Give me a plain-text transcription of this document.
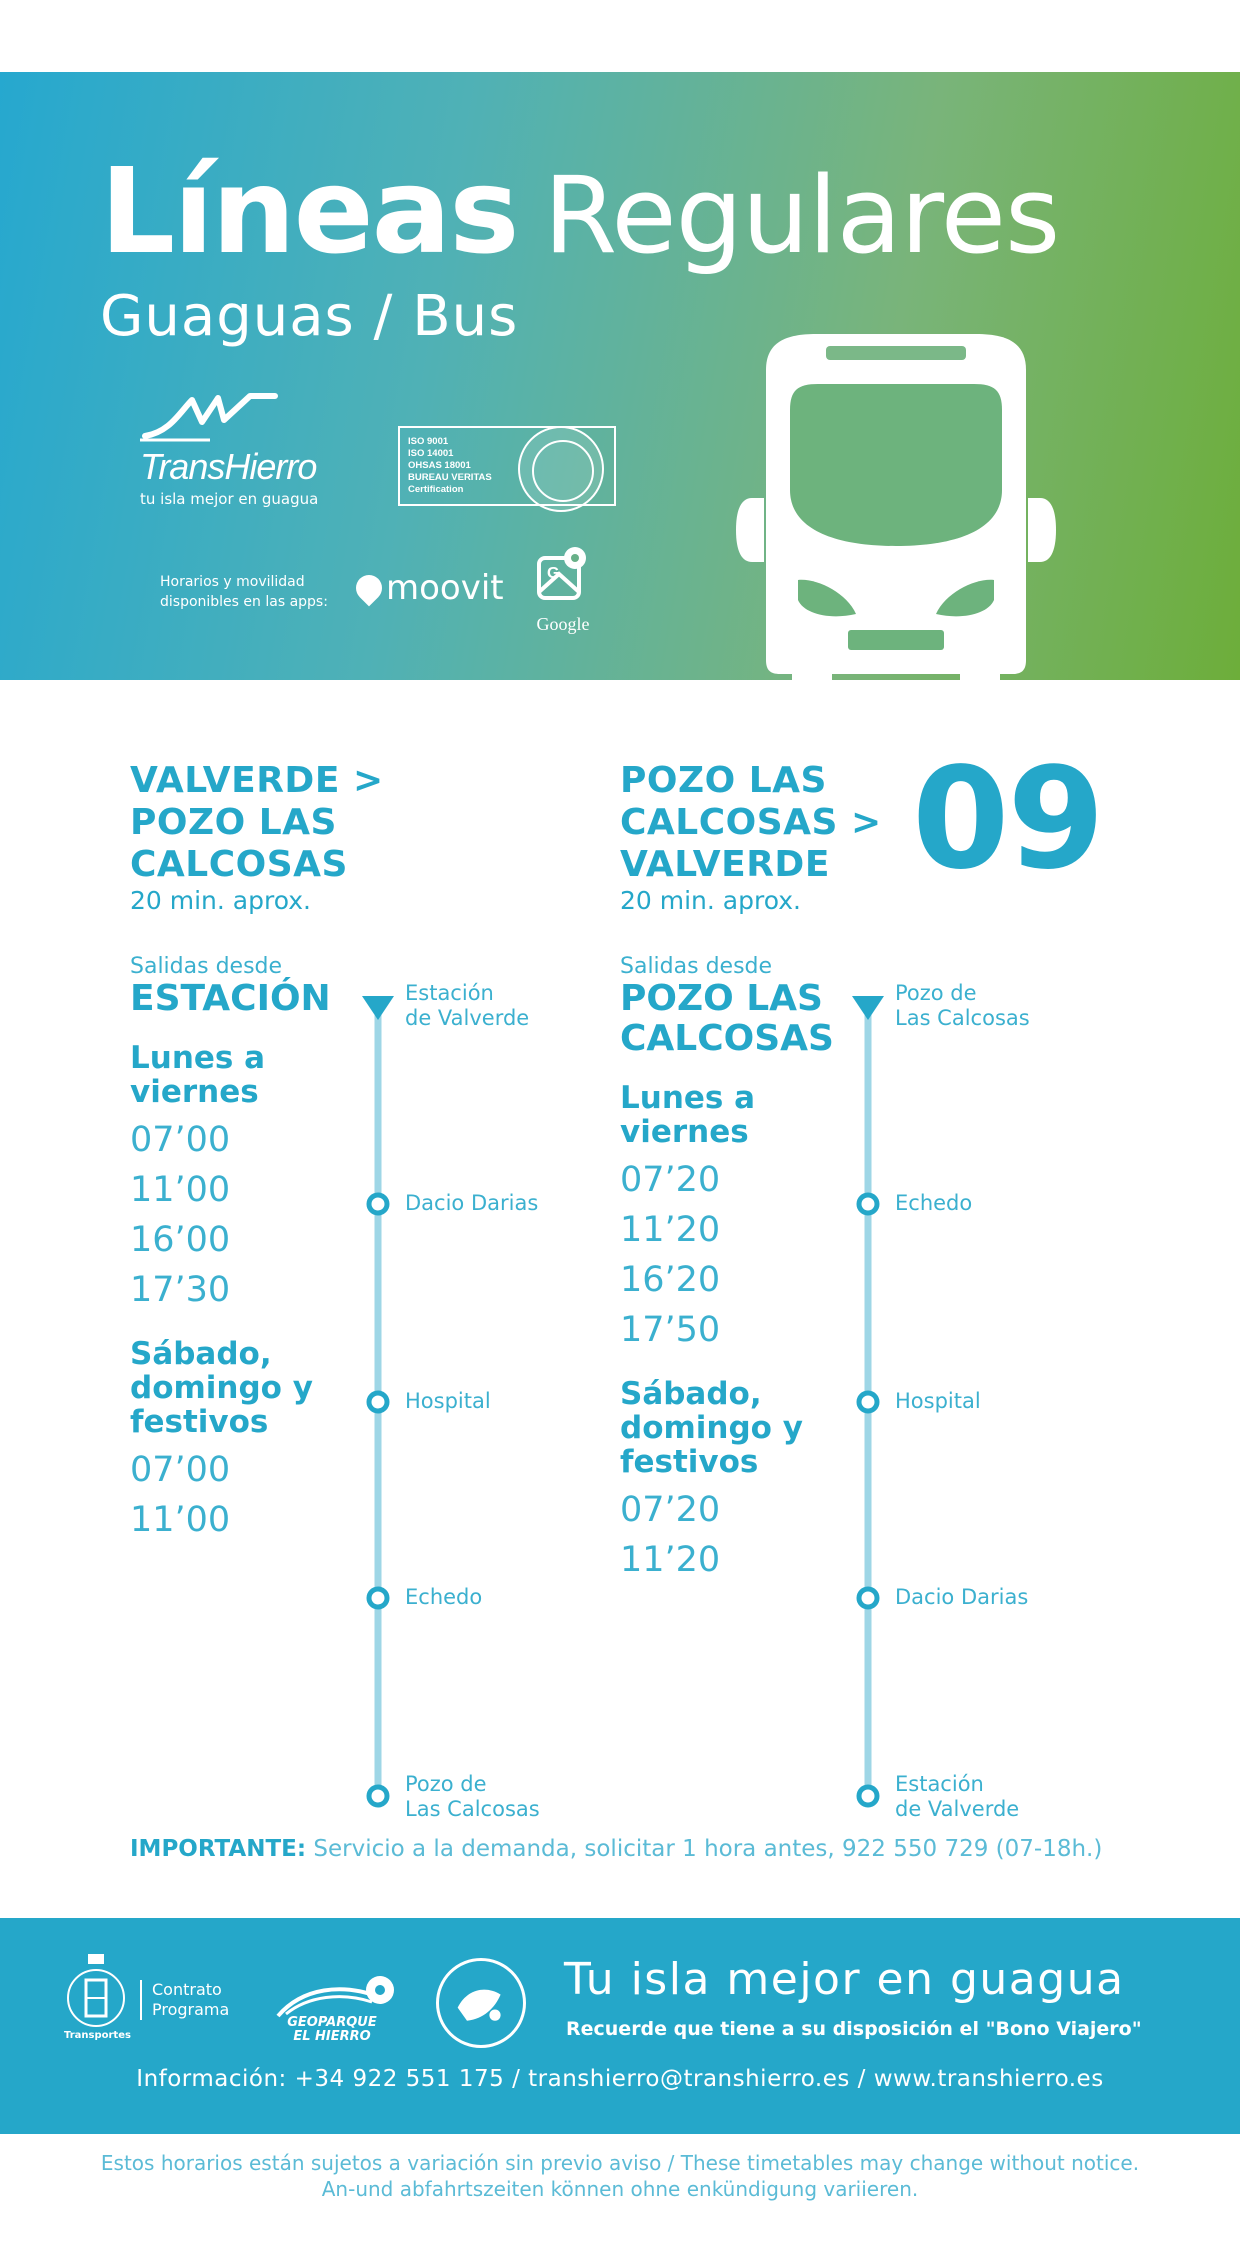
Líneas Regulares
Guaguas / Bus
TransHierro
tu isla mejor en guagua
ISO 9001
ISO 14001
OHSAS 18001
BUREAU VERITAS
Certification
Horarios y movilidad
disponibles en las apps: moovit	G
Google
09
VALVERDE >
POZO LAS
CALCOSAS
20 min. aprox.
POZO LAS
CALCOSAS >
VALVERDE
20 min. aprox.
Salidas desde
ESTACIÓN
Lunes a
viernes
07’00
11’00
16’00
17’30
Sábado,
domingo y
festivos
07’00
11’00
Salidas desde
POZO LAS
CALCOSAS
Lunes a
viernes
07’20
11’20
16’20
17’50
Sábado,
domingo y
festivos
07’20
11’20
Estación
de Valverde
Dacio Darias
Hospital
Echedo
Pozo de
Las Calcosas
Pozo de
Las Calcosas
Echedo
Hospital
Dacio Darias
Estación
de Valverde
IMPORTANTE: Servicio a la demanda, solicitar 1 hora antes, 922 550 729 (07-18h.)
Transportes
Contrato
Programa
GEOPARQUE
EL HIERRO
Tu isla mejor en guagua
Recuerde que tiene a su disposición el "Bono Viajero"
Información: +34 922 551 175 / transhierro@transhierro.es / www.transhierro.es
Estos horarios están sujetos a variación sin previo aviso / These timetables may change without notice.
An-und abfahrtszeiten können ohne enkündigung variieren.
